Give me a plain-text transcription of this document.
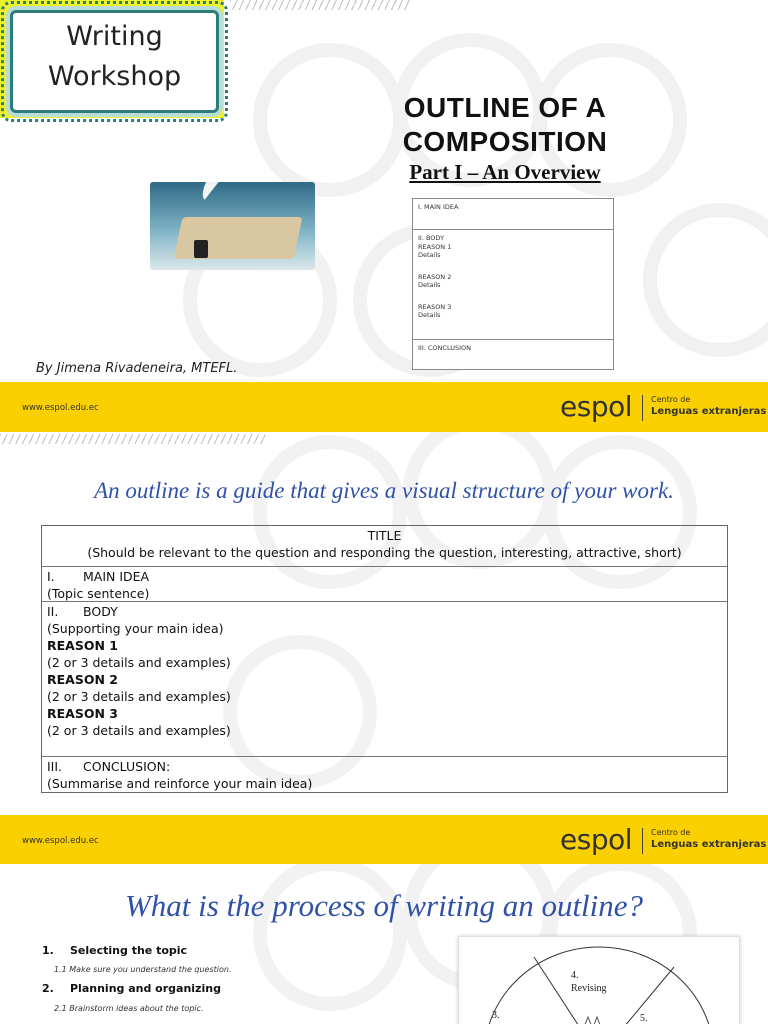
Writing
Workshop
OUTLINE OF A
COMPOSITION
Part I – An Overview
I. MAIN IDEA
II. BODY
REASON 1
Details
REASON 2
Details
REASON 3
Details
III. CONCLUSION
By Jimena Rivadeneira, MTEFL.
www.espol.edu.ec	espol Centro de
Lenguas extranjeras
An outline is a guide that gives a visual structure of your work.
TITLE
(Should be relevant to the question and responding the question, interesting, attractive, short)
I. MAIN IDEA
(Topic sentence)
II. BODY
(Supporting your main idea)
REASON 1
(2 or 3 details and examples)
REASON 2
(2 or 3 details and examples)
REASON 3
(2 or 3 details and examples)
III. CONCLUSION:
(Summarise and reinforce your main idea)
www.espol.edu.ec	espol Centro de
Lenguas extranjeras
What is the process of writing an outline?
1. Selecting the topic
1.1 Make sure you understand the question.
2. Planning and organizing
2.1 Brainstorm ideas about the topic.
4.
Revising
3.	5.
